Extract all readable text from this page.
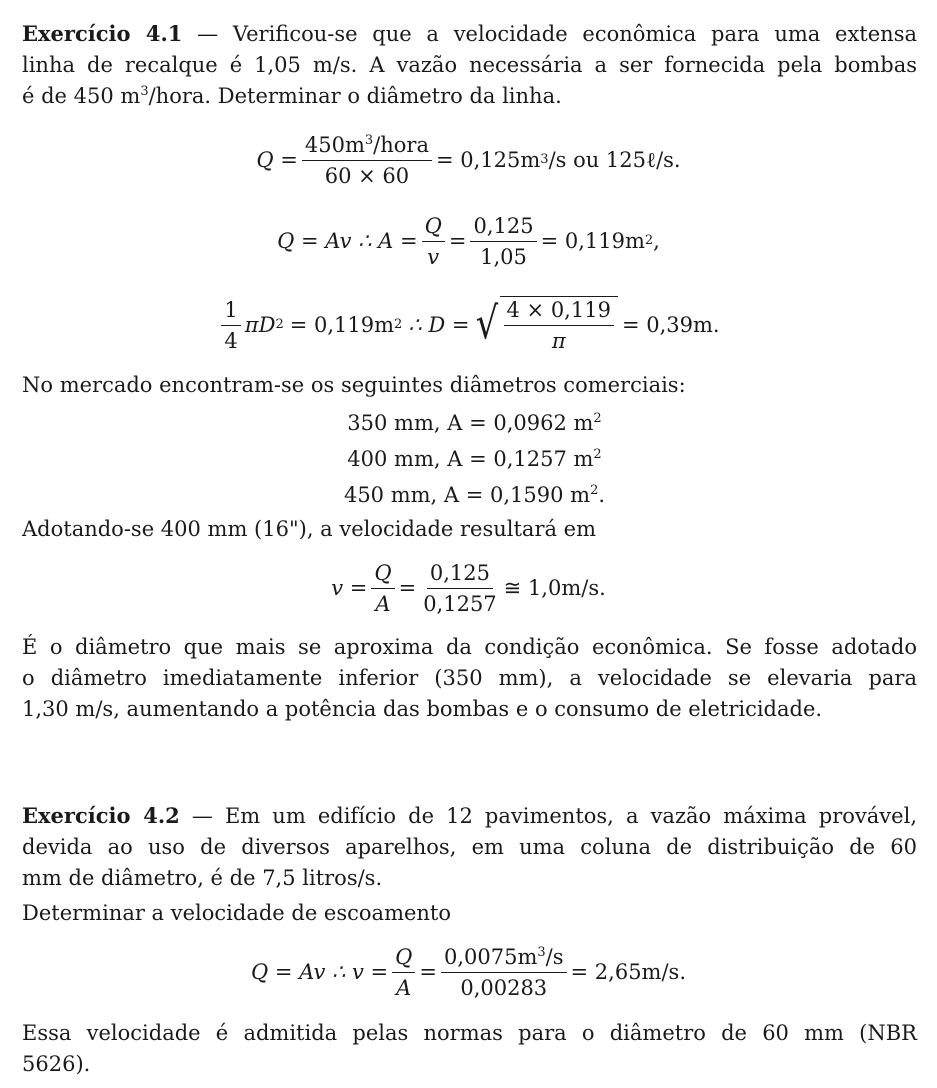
Exercício 4.1 — Verificou-se que a velocidade econômica para uma extensa
linha de recalque é 1,05 m/s. A vazão necessária a ser fornecida pela bombas
é de 450 $m^3$/hora. Determinar o diâmetro da linha.
$Q = \frac{450m^3/hora}{60 \times 60} = 0,125m$ 3 /s ou 125ℓ/s.
Q = Av ∴ $A = \frac{Q}{v} = \frac{0,125}{1,05} = 0,119m$ 2 ,
$\frac{1}{4}$ πD 2 = 0,119m 2 ∴ D = √ $\frac{4 \times 0,119}{\pi} = 0,39m$.
No mercado encontram-se os seguintes diâmetros comerciais:
350 mm, A = 0,0962 $m^2$
400 mm, A = 0,1257 $m^2$
450 mm, A = 0,1590 $m^2$.
Adotando-se 400 mm (16"), a velocidade resultará em
$v = \frac{Q}{A} = \frac{0,125}{0,1257}$ ≅ 1,0m/s.
É o diâmetro que mais se aproxima da condição econômica. Se fosse adotado
o diâmetro imediatamente inferior (350 mm), a velocidade se elevaria para
1,30 m/s, aumentando a potência das bombas e o consumo de eletricidade.
Exercício 4.2 — Em um edifício de 12 pavimentos, a vazão máxima provável,
devida ao uso de diversos aparelhos, em uma coluna de distribuição de 60
mm de diâmetro, é de 7,5 litros/s.
Determinar a velocidade de escoamento
Q = Av ∴ $v = \frac{Q}{A} = \frac{0,0075m^3/s}{0,00283} = 2,65m/s$.
Essa velocidade é admitida pelas normas para o diâmetro de 60 mm (NBR
5626).
